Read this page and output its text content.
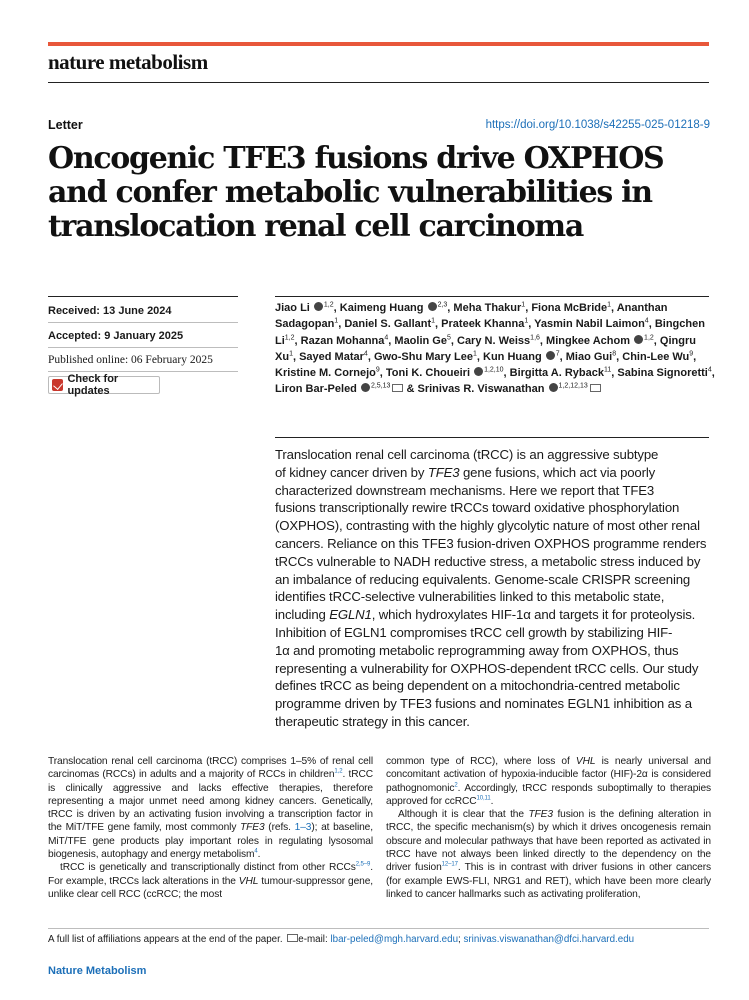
nature metabolism
Letter	https://doi.org/10.1038/s42255-025-01218-9
Oncogenic TFE3 fusions drive OXPHOS
and confer metabolic vulnerabilities in
translocation renal cell carcinoma
Received: 13 June 2024
Accepted: 9 January 2025
Published online: 06 February 2025
Check for updates
Jiao Li $^{1,2}$, Kaimeng Huang $^{2,3}$, Meha Thakur$^1$, Fiona McBride$^1$, Ananthan Sadagopan$^1$, Daniel S. Gallant$^1$, Prateek Khanna$^1$, Yasmin Nabil Laimon$^4$, Bingchen Li$^{1,2}$, Razan Mohanna$^4$, Maolin Ge$^5$, Cary N. Weiss$^{1,6}$, Mingkee Achom $^{1,2}$, Qingru Xu$^1$, Sayed Matar$^4$, Gwo-Shu Mary Lee$^1$, Kun Huang $^7$, Miao Gui$^8$, Chin-Lee Wu$^9$, Kristine M. Cornejo$^9$, Toni K. Choueiri $^{1,2,10}$, Birgitta A. Ryback$^{11}$, Sabina Signoretti$^4$, Liron Bar-Peled $^{2,5,13}$ & Srinivas R. Viswanathan $^{1,2,12,13}$

Translocation renal cell carcinoma (tRCC) is an aggressive subtype
of kidney cancer driven by TFE3 gene fusions, which act via poorly
characterized downstream mechanisms. Here we report that TFE3
fusions transcriptionally rewire tRCCs toward oxidative phosphorylation
(OXPHOS), contrasting with the highly glycolytic nature of most other renal
cancers. Reliance on this TFE3 fusion-driven OXPHOS programme renders
tRCCs vulnerable to NADH reductive stress, a metabolic stress induced by
an imbalance of reducing equivalents. Genome-scale CRISPR screening
identifies tRCC-selective vulnerabilities linked to this metabolic state,
including EGLN1, which hydroxylates HIF-1α and targets it for proteolysis.
Inhibition of EGLN1 compromises tRCC cell growth by stabilizing HIF-
1α and promoting metabolic reprogramming away from OXPHOS, thus
representing a vulnerability for OXPHOS-dependent tRCC cells. Our study
defines tRCC as being dependent on a mitochondria-centred metabolic
programme driven by TFE3 fusions and nominates EGLN1 inhibition as a
therapeutic strategy in this cancer.

Translocation renal cell carcinoma (tRCC) comprises 1–5% of renal cell carcinomas (RCCs) in adults and a majority of RCCs in children$^{1,2}$. tRCC is clinically aggressive and lacks effective therapies, therefore representing a major unmet need among kidney cancers. Genetically, tRCC is driven by an activating fusion involving a transcription factor in the MiT/TFE gene family, most commonly TFE3 (refs. 1–3); at baseline, MiT/TFE gene products play important roles in regulating lysosomal biogenesis, autophagy and energy metabolism$^4$.

tRCC is genetically and transcriptionally distinct from other RCCs$^{2,5-9}$. For example, tRCCs lack alterations in the VHL tumour-suppressor gene, unlike clear cell RCC (ccRCC; the most

common type of RCC), where loss of VHL is nearly universal and concomitant activation of hypoxia-inducible factor (HIF)-2α is considered pathognomonic$^2$. Accordingly, tRCC responds suboptimally to therapies approved for ccRCC$^{10,11}$.

Although it is clear that the TFE3 fusion is the defining alteration in tRCC, the specific mechanism(s) by which it drives oncogenesis remain obscure and molecular pathways that have been reported as activated in tRCC have not always been linked directly to the dependency on the driver fusion$^{12-17}$. This is in contrast with driver fusions in other cancers (for example EWS-FLI, NRG1 and RET), which have been more clearly linked to cancer hallmarks such as activating proliferation,

A full list of affiliations appears at the end of the paper. e-mail: lbar-peled@mgh.harvard.edu; srinivas.viswanathan@dfci.harvard.edu
Nature Metabolism
